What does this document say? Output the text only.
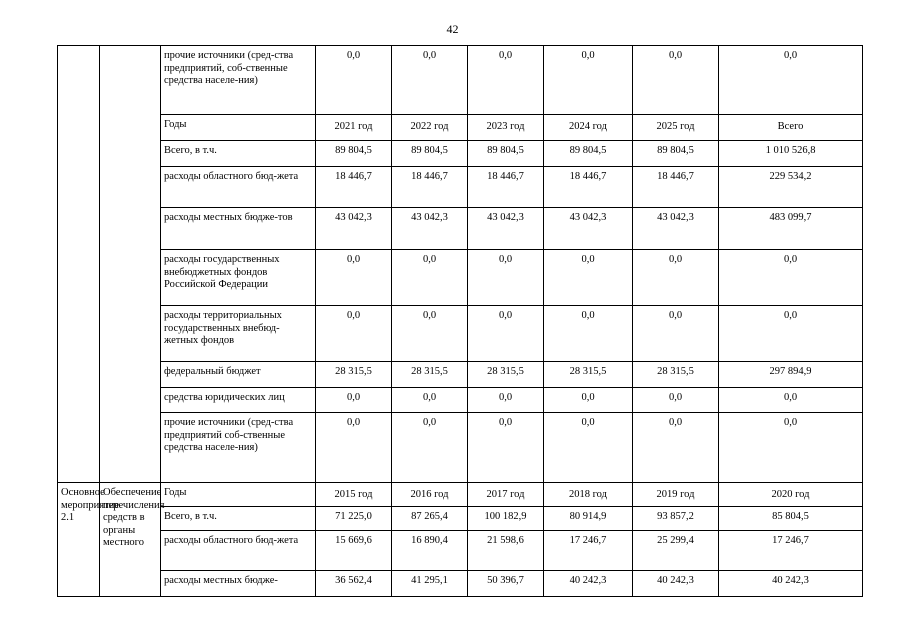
42
		прочие источники (сред-ства предприятий, соб-ственные средства населе-ния)	0,0	0,0	0,0	0,0	0,0	0,0
		Годы	2021 год	2022 год	2023 год	2024 год	2025 год	Всего
		Всего, в т.ч.	89 804,5	89 804,5	89 804,5	89 804,5	89 804,5	1 010 526,8
		расходы областного бюд-жета	18 446,7	18 446,7	18 446,7	18 446,7	18 446,7	229 534,2
		расходы местных бюдже-тов	43 042,3	43 042,3	43 042,3	43 042,3	43 042,3	483 099,7
		расходы государственных внебюджетных фондов Российской Федерации	0,0	0,0	0,0	0,0	0,0	0,0
		расходы территориальных государственных внебюд-жетных фондов	0,0	0,0	0,0	0,0	0,0	0,0
		федеральный бюджет	28 315,5	28 315,5	28 315,5	28 315,5	28 315,5	297 894,9
		средства юридических лиц	0,0	0,0	0,0	0,0	0,0	0,0
		прочие источники (сред-ства предприятий соб-ственные средства населе-ния)	0,0	0,0	0,0	0,0	0,0	0,0
Основное мероприятие 2.1	Обеспечение перечисления средств в органы местного	Годы	2015 год	2016 год	2017 год	2018 год	2019 год	2020 год
		Всего, в т.ч.	71 225,0	87 265,4	100 182,9	80 914,9	93 857,2	85 804,5
		расходы областного бюд-жета	15 669,6	16 890,4	21 598,6	17 246,7	25 299,4	17 246,7
		расходы местных бюдже-	36 562,4	41 295,1	50 396,7	40 242,3	40 242,3	40 242,3
